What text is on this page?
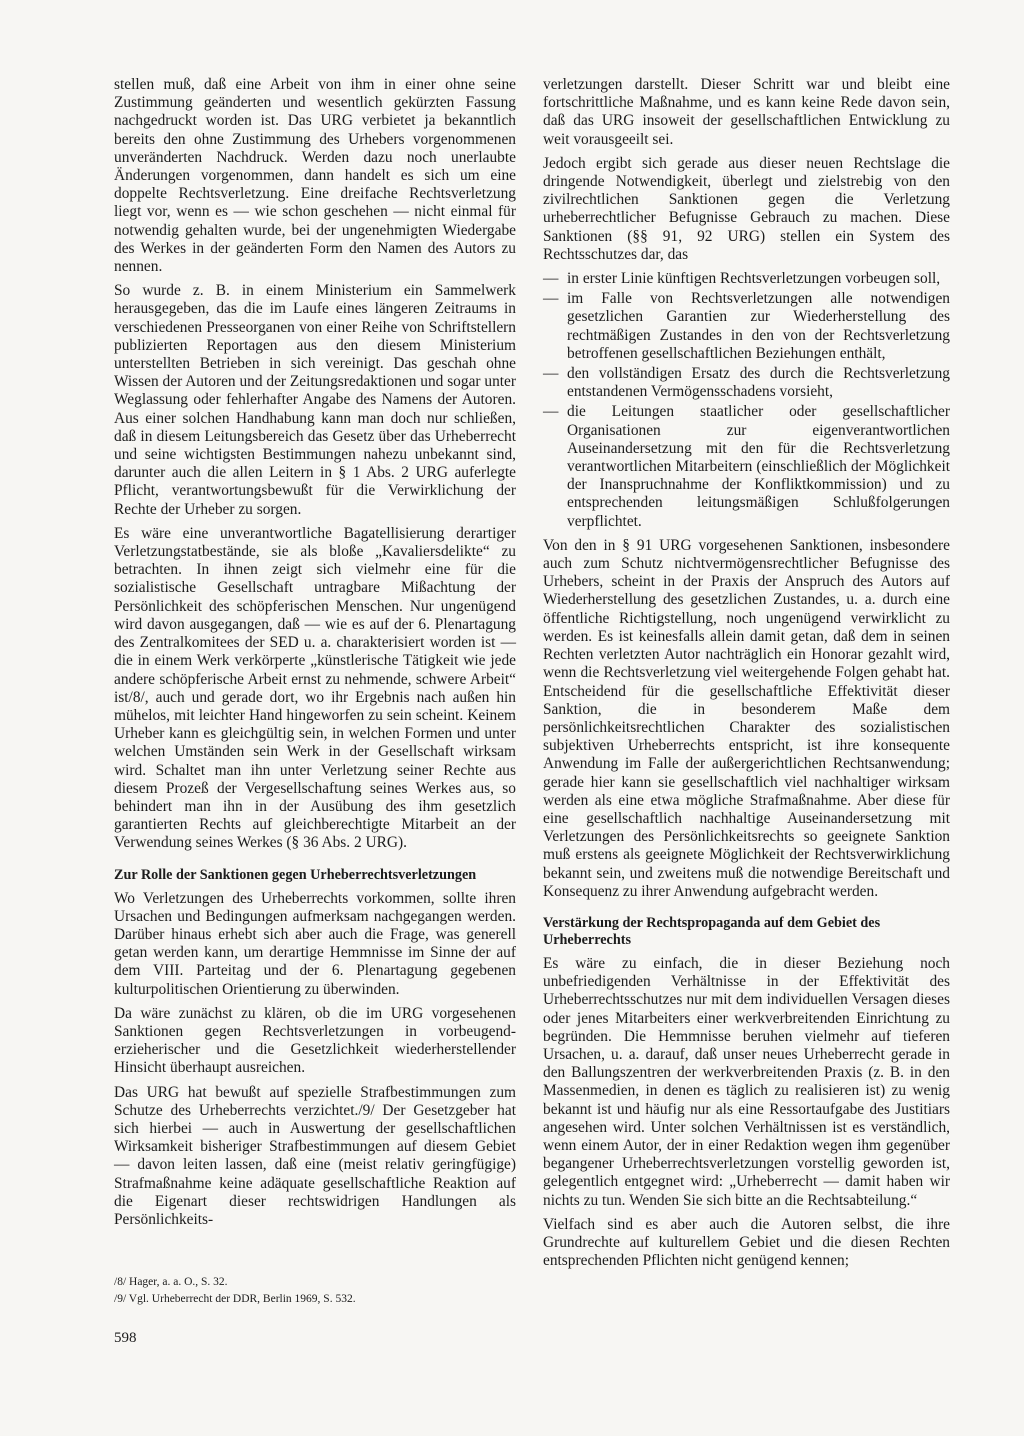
stellen muß, daß eine Arbeit von ihm in einer ohne seine Zustimmung geänderten und wesentlich gekürzten Fassung nachgedruckt worden ist. Das URG verbietet ja bekanntlich bereits den ohne Zustimmung des Urhebers vorgenommenen unveränderten Nachdruck. Werden dazu noch unerlaubte Änderungen vorgenommen, dann handelt es sich um eine doppelte Rechtsverletzung. Eine dreifache Rechtsverletzung liegt vor, wenn es — wie schon geschehen — nicht einmal für notwendig gehalten wurde, bei der ungenehmigten Wiedergabe des Werkes in der geänderten Form den Namen des Autors zu nennen.

So wurde z. B. in einem Ministerium ein Sammelwerk herausgegeben, das die im Laufe eines längeren Zeitraums in verschiedenen Presseorganen von einer Reihe von Schriftstellern publizierten Reportagen aus den diesem Ministerium unterstellten Betrieben in sich vereinigt. Das geschah ohne Wissen der Autoren und der Zeitungsredaktionen und sogar unter Weglassung oder fehlerhafter Angabe des Namens der Autoren. Aus einer solchen Handhabung kann man doch nur schließen, daß in diesem Leitungsbereich das Gesetz über das Urheberrecht und seine wichtigsten Bestimmungen nahezu unbekannt sind, darunter auch die allen Leitern in § 1 Abs. 2 URG auferlegte Pflicht, verantwortungsbewußt für die Verwirklichung der Rechte der Urheber zu sorgen.

Es wäre eine unverantwortliche Bagatellisierung derartiger Verletzungstatbestände, sie als bloße „Kavaliersdelikte“ zu betrachten. In ihnen zeigt sich vielmehr eine für die sozialistische Gesellschaft untragbare Mißachtung der Persönlichkeit des schöpferischen Menschen. Nur ungenügend wird davon ausgegangen, daß — wie es auf der 6. Plenartagung des Zentralkomitees der SED u. a. charakterisiert worden ist — die in einem Werk verkörperte „künstlerische Tätigkeit wie jede andere schöpferische Arbeit ernst zu nehmende, schwere Arbeit“ ist/8/, auch und gerade dort, wo ihr Ergebnis nach außen hin mühelos, mit leichter Hand hingeworfen zu sein scheint. Keinem Urheber kann es gleichgültig sein, in welchen Formen und unter welchen Umständen sein Werk in der Gesellschaft wirksam wird. Schaltet man ihn unter Verletzung seiner Rechte aus diesem Prozeß der Vergesellschaftung seines Werkes aus, so behindert man ihn in der Ausübung des ihm gesetzlich garantierten Rechts auf gleichberechtigte Mitarbeit an der Verwendung seines Werkes (§ 36 Abs. 2 URG).

Zur Rolle der Sanktionen gegen Urheberrechtsverletzungen

Wo Verletzungen des Urheberrechts vorkommen, sollte ihren Ursachen und Bedingungen aufmerksam nachgegangen werden. Darüber hinaus erhebt sich aber auch die Frage, was generell getan werden kann, um derartige Hemmnisse im Sinne der auf dem VIII. Parteitag und der 6. Plenartagung gegebenen kulturpolitischen Orientierung zu überwinden.

Da wäre zunächst zu klären, ob die im URG vorgesehenen Sanktionen gegen Rechtsverletzungen in vorbeugend-erzieherischer und die Gesetzlichkeit wiederherstellender Hinsicht überhaupt ausreichen.

Das URG hat bewußt auf spezielle Strafbestimmungen zum Schutze des Urheberrechts verzichtet./9/ Der Gesetzgeber hat sich hierbei — auch in Auswertung der gesellschaftlichen Wirksamkeit bisheriger Strafbestimmungen auf diesem Gebiet — davon leiten lassen, daß eine (meist relativ geringfügige) Strafmaßnahme keine adäquate gesellschaftliche Reaktion auf die Eigenart dieser rechtswidrigen Handlungen als Persönlichkeits-

verletzungen darstellt. Dieser Schritt war und bleibt eine fortschrittliche Maßnahme, und es kann keine Rede davon sein, daß das URG insoweit der gesellschaftlichen Entwicklung zu weit vorausgeeilt sei.

Jedoch ergibt sich gerade aus dieser neuen Rechtslage die dringende Notwendigkeit, überlegt und zielstrebig von den zivilrechtlichen Sanktionen gegen die Verletzung urheberrechtlicher Befugnisse Gebrauch zu machen. Diese Sanktionen (§§ 91, 92 URG) stellen ein System des Rechtsschutzes dar, das

— in erster Linie künftigen Rechtsverletzungen vorbeugen soll,
— im Falle von Rechtsverletzungen alle notwendigen gesetzlichen Garantien zur Wiederherstellung des rechtmäßigen Zustandes in den von der Rechtsverletzung betroffenen gesellschaftlichen Beziehungen enthält,
— den vollständigen Ersatz des durch die Rechtsverletzung entstandenen Vermögensschadens vorsieht,
— die Leitungen staatlicher oder gesellschaftlicher Organisationen zur eigenverantwortlichen Auseinandersetzung mit den für die Rechtsverletzung verantwortlichen Mitarbeitern (einschließlich der Möglichkeit der Inanspruchnahme der Konfliktkommission) und zu entsprechenden leitungsmäßigen Schlußfolgerungen verpflichtet.

Von den in § 91 URG vorgesehenen Sanktionen, insbesondere auch zum Schutz nichtvermögensrechtlicher Befugnisse des Urhebers, scheint in der Praxis der Anspruch des Autors auf Wiederherstellung des gesetzlichen Zustandes, u. a. durch eine öffentliche Richtigstellung, noch ungenügend verwirklicht zu werden. Es ist keinesfalls allein damit getan, daß dem in seinen Rechten verletzten Autor nachträglich ein Honorar gezahlt wird, wenn die Rechtsverletzung viel weitergehende Folgen gehabt hat. Entscheidend für die gesellschaftliche Effektivität dieser Sanktion, die in besonderem Maße dem persönlichkeitsrechtlichen Charakter des sozialistischen subjektiven Urheberrechts entspricht, ist ihre konsequente Anwendung im Falle der außergerichtlichen Rechtsanwendung; gerade hier kann sie gesellschaftlich viel nachhaltiger wirksam werden als eine etwa mögliche Strafmaßnahme. Aber diese für eine gesellschaftlich nachhaltige Auseinandersetzung mit Verletzungen des Persönlichkeitsrechts so geeignete Sanktion muß erstens als geeignete Möglichkeit der Rechtsverwirklichung bekannt sein, und zweitens muß die notwendige Bereitschaft und Konsequenz zu ihrer Anwendung aufgebracht werden.

Verstärkung der Rechtspropaganda auf dem Gebiet des Urheberrechts

Es wäre zu einfach, die in dieser Beziehung noch unbefriedigenden Verhältnisse in der Effektivität des Urheberrechtsschutzes nur mit dem individuellen Versagen dieses oder jenes Mitarbeiters einer werkverbreitenden Einrichtung zu begründen. Die Hemmnisse beruhen vielmehr auf tieferen Ursachen, u. a. darauf, daß unser neues Urheberrecht gerade in den Ballungszentren der werkverbreitenden Praxis (z. B. in den Massenmedien, in denen es täglich zu realisieren ist) zu wenig bekannt ist und häufig nur als eine Ressortaufgabe des Justitiars angesehen wird. Unter solchen Verhältnissen ist es verständlich, wenn einem Autor, der in einer Redaktion wegen ihm gegenüber begangener Urheberrechtsverletzungen vorstellig geworden ist, gelegentlich entgegnet wird: „Urheberrecht — damit haben wir nichts zu tun. Wenden Sie sich bitte an die Rechtsabteilung.“

Vielfach sind es aber auch die Autoren selbst, die ihre Grundrechte auf kulturellem Gebiet und die diesen Rechten entsprechenden Pflichten nicht genügend kennen;

/8/ Hager, a. a. O., S. 32.

/9/ Vgl. Urheberrecht der DDR, Berlin 1969, S. 532.

598
